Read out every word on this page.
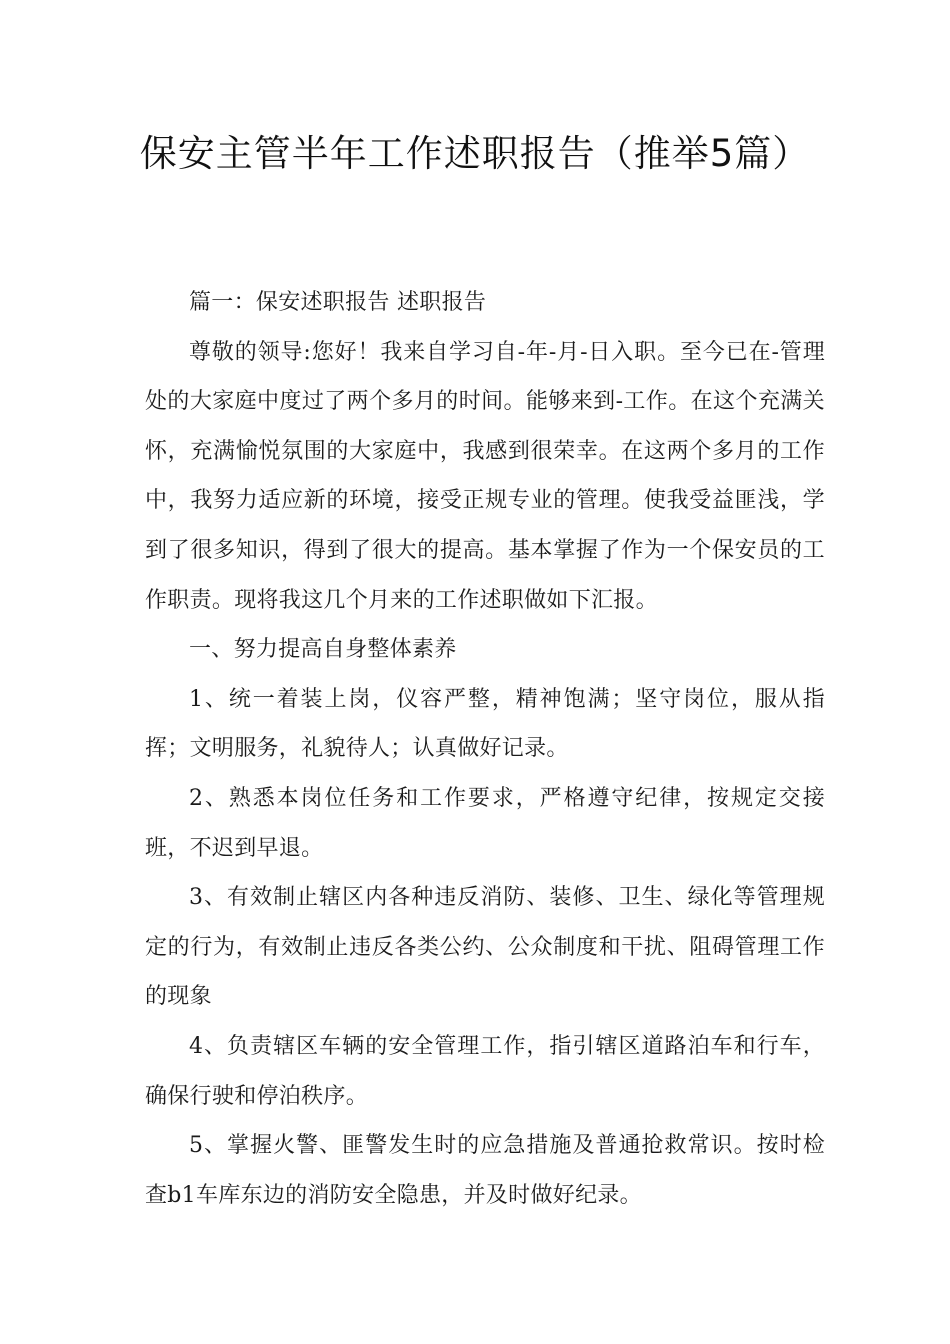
保安主管半年工作述职报告（推举5篇）

篇一：保安述职报告 述职报告

尊敬的领导:您好！我来自学习自-年-月-日入职。至今已在-管理处的大家庭中度过了两个多月的时间。能够来到-工作。在这个充满关怀，充满愉悦氛围的大家庭中，我感到很荣幸。在这两个多月的工作中，我努力适应新的环境，接受正规专业的管理。使我受益匪浅，学到了很多知识，得到了很大的提高。基本掌握了作为一个保安员的工作职责。现将我这几个月来的工作述职做如下汇报。

一、努力提高自身整体素养

1、统一着装上岗，仪容严整，精神饱满；坚守岗位，服从指挥；文明服务，礼貌待人；认真做好记录。

2、熟悉本岗位任务和工作要求，严格遵守纪律，按规定交接班，不迟到早退。

3、有效制止辖区内各种违反消防、装修、卫生、绿化等管理规定的行为，有效制止违反各类公约、公众制度和干扰、阻碍管理工作的现象

4、负责辖区车辆的安全管理工作，指引辖区道路泊车和行车，确保行驶和停泊秩序。

5、掌握火警、匪警发生时的应急措施及普通抢救常识。按时检查b1车库东边的消防安全隐患，并及时做好纪录。
